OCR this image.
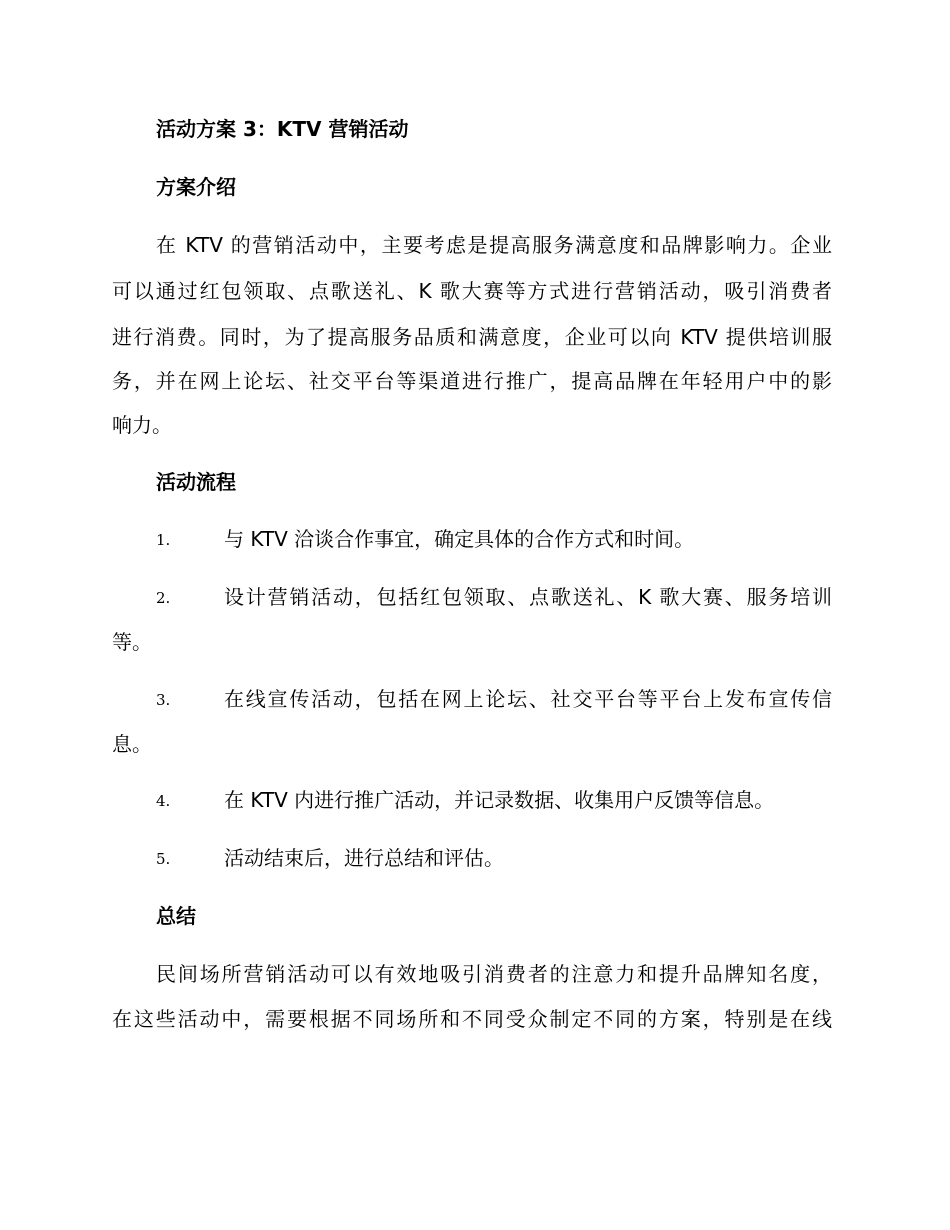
活动方案 3：KTV 营销活动
方案介绍
在 KTV 的营销活动中，主要考虑是提高服务满意度和品牌影响力。企业
可以通过红包领取、点歌送礼、K 歌大赛等方式进行营销活动，吸引消费者
进行消费。同时，为了提高服务品质和满意度，企业可以向 KTV 提供培训服
务，并在网上论坛、社交平台等渠道进行推广，提高品牌在年轻用户中的影
响力。
活动流程
1.	与 KTV 洽谈合作事宜，确定具体的合作方式和时间。
2.	设计营销活动，包括红包领取、点歌送礼、K 歌大赛、服务培训
等。
3.	在线宣传活动，包括在网上论坛、社交平台等平台上发布宣传信
息。
4.	在 KTV 内进行推广活动，并记录数据、收集用户反馈等信息。
5.	活动结束后，进行总结和评估。
总结
民间场所营销活动可以有效地吸引消费者的注意力和提升品牌知名度，
在这些活动中，需要根据不同场所和不同受众制定不同的方案，特别是在线
